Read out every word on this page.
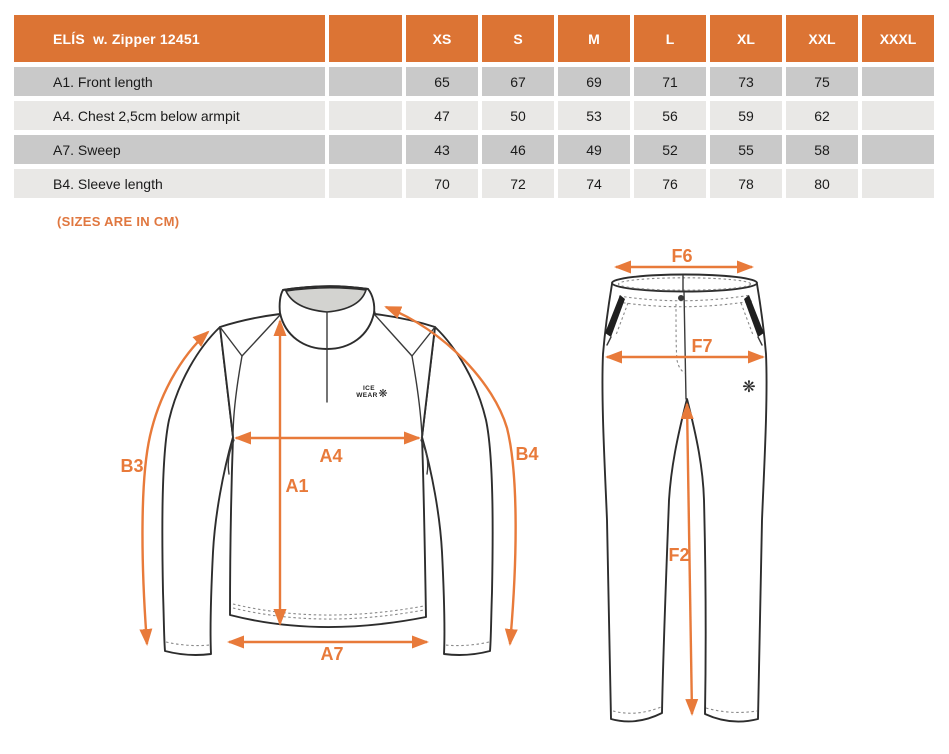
ELÍS  w. Zipper 12451		XS	S	M	L	XL	XXL	XXXL
A1. Front length		65	67	69	71	73	75	
A4. Chest 2,5cm below armpit		47	50	53	56	59	62	
A7. Sweep		43	46	49	52	55	58	
B4. Sleeve length		70	72	74	76	78	80	
(SIZES ARE IN CM)
ICE
WEAR ❋
B3
A1
A4
A7
B4
❋
F6
F7
F2
